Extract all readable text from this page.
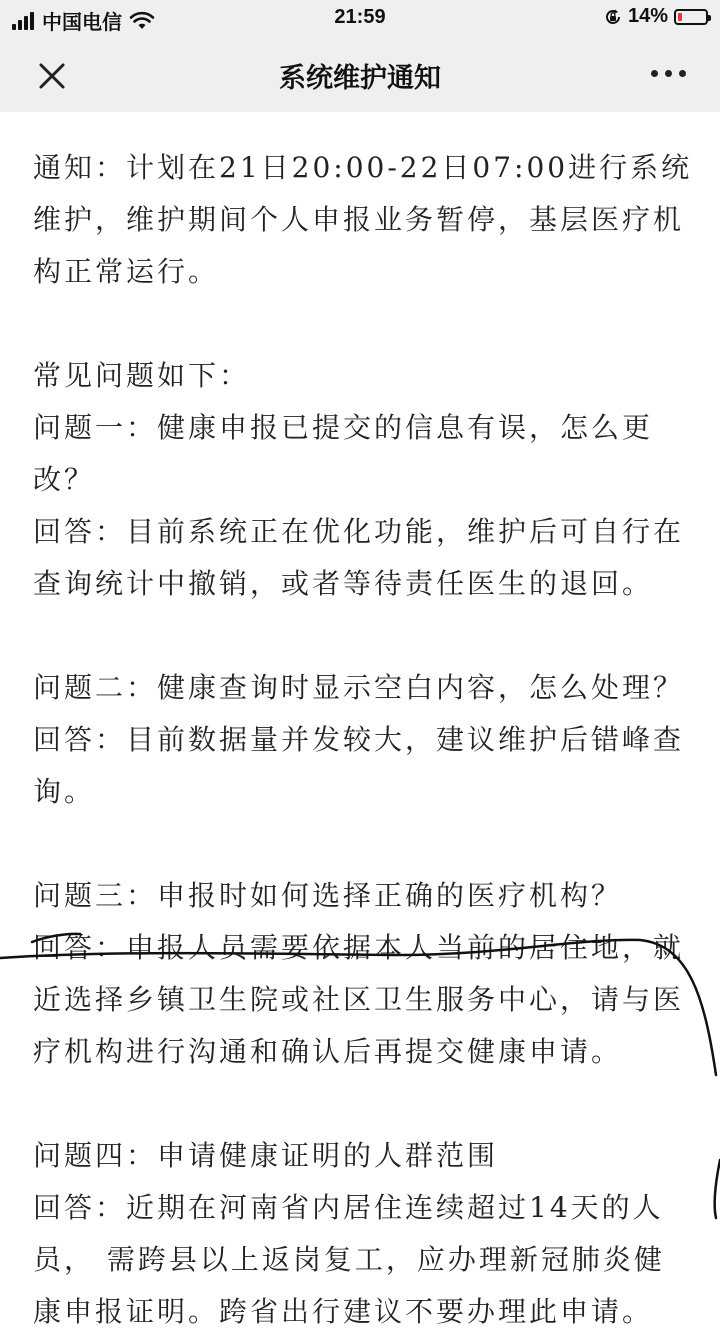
中国电信	21:59	14%
系统维护通知

通知：计划在21日20:00-22日07:00进行系统维护，维护期间个人申报业务暂停，基层医疗机构正常运行。

常见问题如下：

问题一：健康申报已提交的信息有误，怎么更改？

回答：目前系统正在优化功能，维护后可自行在查询统计中撤销，或者等待责任医生的退回。

问题二：健康查询时显示空白内容，怎么处理？

回答：目前数据量并发较大，建议维护后错峰查询。

问题三：申报时如何选择正确的医疗机构？

回答：申报人员需要依据本人当前的居住地，就近选择乡镇卫生院或社区卫生服务中心，请与医疗机构进行沟通和确认后再提交健康申请。

问题四：申请健康证明的人群范围

回答：近期在河南省内居住连续超过14天的人员， 需跨县以上返岗复工，应办理新冠肺炎健康申报证明。跨省出行建议不要办理此申请。
